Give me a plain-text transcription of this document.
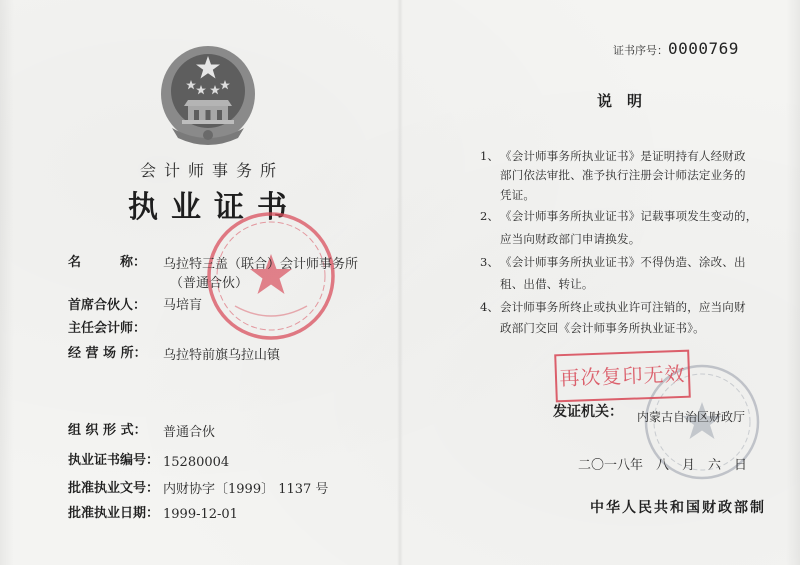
会计师事务所
执业证书
名　　　称： 乌拉特三盖（联合）会计师事务所
（普通合伙）
首席合伙人： 马培肓
主任会计师：
经 营 场 所： 乌拉特前旗乌拉山镇
组 织 形 式： 普通合伙
执业证书编号： 15280004
批准执业文号： 内财协字〔1999〕 1137 号
批准执业日期： 1999-12-01
证书序号： 0000769
说　明
1、 《会计师事务所执业证书》是证明持有人经财政
部门依法审批、准予执行注册会计师法定业务的
凭证。
2、 《会计师事务所执业证书》记载事项发生变动的，
应当向财政部门申请换发。
3、 《会计师事务所执业证书》不得伪造、涂改、出
租、出借、转让。
4、 会计师事务所终止或执业许可注销的，应当向财
政部门交回《会计师事务所执业证书》。
再次复印无效
发证机关： 内蒙古自治区财政厅
二〇一八年　八　月　六　日
中华人民共和国财政部制
